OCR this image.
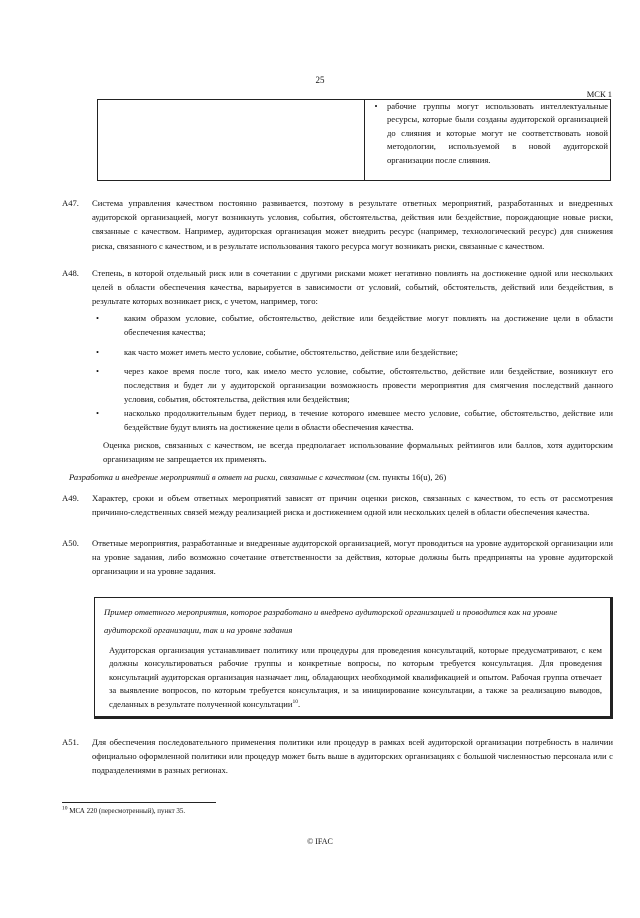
25
МСК 1

•	рабочие группы могут использовать интеллектуальные ресурсы, которые были созданы аудиторской организацией до слияния и которые могут не соответствовать новой методологии, используемой в новой аудиторской организации после слияния.
A47.	Система управления качеством постоянно развивается, поэтому в результате ответных мероприятий, разработанных и внедренных аудиторской организацией, могут возникнуть условия, события, обстоятельства, действия или бездействие, порождающие новые риски, связанные с качеством. Например, аудиторская организация может внедрить ресурс (например, технологический ресурс) для снижения риска, связанного с качеством, и в результате использования такого ресурса могут возникать риски, связанные с качеством.
A48.	Степень, в которой отдельный риск или в сочетании с другими рисками может негативно повлиять на достижение одной или нескольких целей в области обеспечения качества, варьируется в зависимости от условий, событий, обстоятельств, действий или бездействия, в результате которых возникает риск, с учетом, например, того:
•	каким образом условие, событие, обстоятельство, действие или бездействие могут повлиять на достижение цели в области обеспечения качества;
•	как часто может иметь место условие, событие, обстоятельство, действие или бездействие;
•	через какое время после того, как имело место условие, событие, обстоятельство, действие или бездействие, возникнут его последствия и будет ли у аудиторской организации возможность провести мероприятия для смягчения последствий данного условия, события, обстоятельства, действия или бездействия;
•	насколько продолжительным будет период, в течение которого имевшее место условие, событие, обстоятельство, действие или бездействие будут влиять на достижение цели в области обеспечения качества.
Оценка рисков, связанных с качеством, не всегда предполагает использование формальных рейтингов или баллов, хотя аудиторским организациям не запрещается их применять.
Разработка и внедрение мероприятий в ответ на риски, связанные с качеством (см. пункты 16(u), 26)
A49.	Характер, сроки и объем ответных мероприятий зависят от причин оценки рисков, связанных с качеством, то есть от рассмотрения причинно-следственных связей между реализацией риска и достижением одной или нескольких целей в области обеспечения качества.
A50.	Ответные мероприятия, разработанные и внедренные аудиторской организацией, могут проводиться на уровне аудиторской организации или на уровне задания, либо возможно сочетание ответственности за действия, которые должны быть предприняты на уровне аудиторской организации и на уровне задания.
Пример ответного мероприятия, которое разработано и внедрено аудиторской организацией и проводится как на уровне аудиторской организации, так и на уровне задания
Аудиторская организация устанавливает политику или процедуры для проведения консультаций, которые предусматривают, с кем должны консультироваться рабочие группы и конкретные вопросы, по которым требуется консультация. Для проведения консультаций аудиторская организация назначает лиц, обладающих необходимой квалификацией и опытом. Рабочая группа отвечает за выявление вопросов, по которым требуется консультация, и за инициирование консультации, а также за реализацию выводов, сделанных в результате полученной консультации$^{10}$.
A51.	Для обеспечения последовательного применения политики или процедур в рамках всей аудиторской организации потребность в наличии официально оформленной политики или процедур может быть выше в аудиторских организациях с большой численностью персонала или с подразделениями в разных регионах.
$^{10}$ МСА 220 (пересмотренный), пункт 35.
© IFAC
